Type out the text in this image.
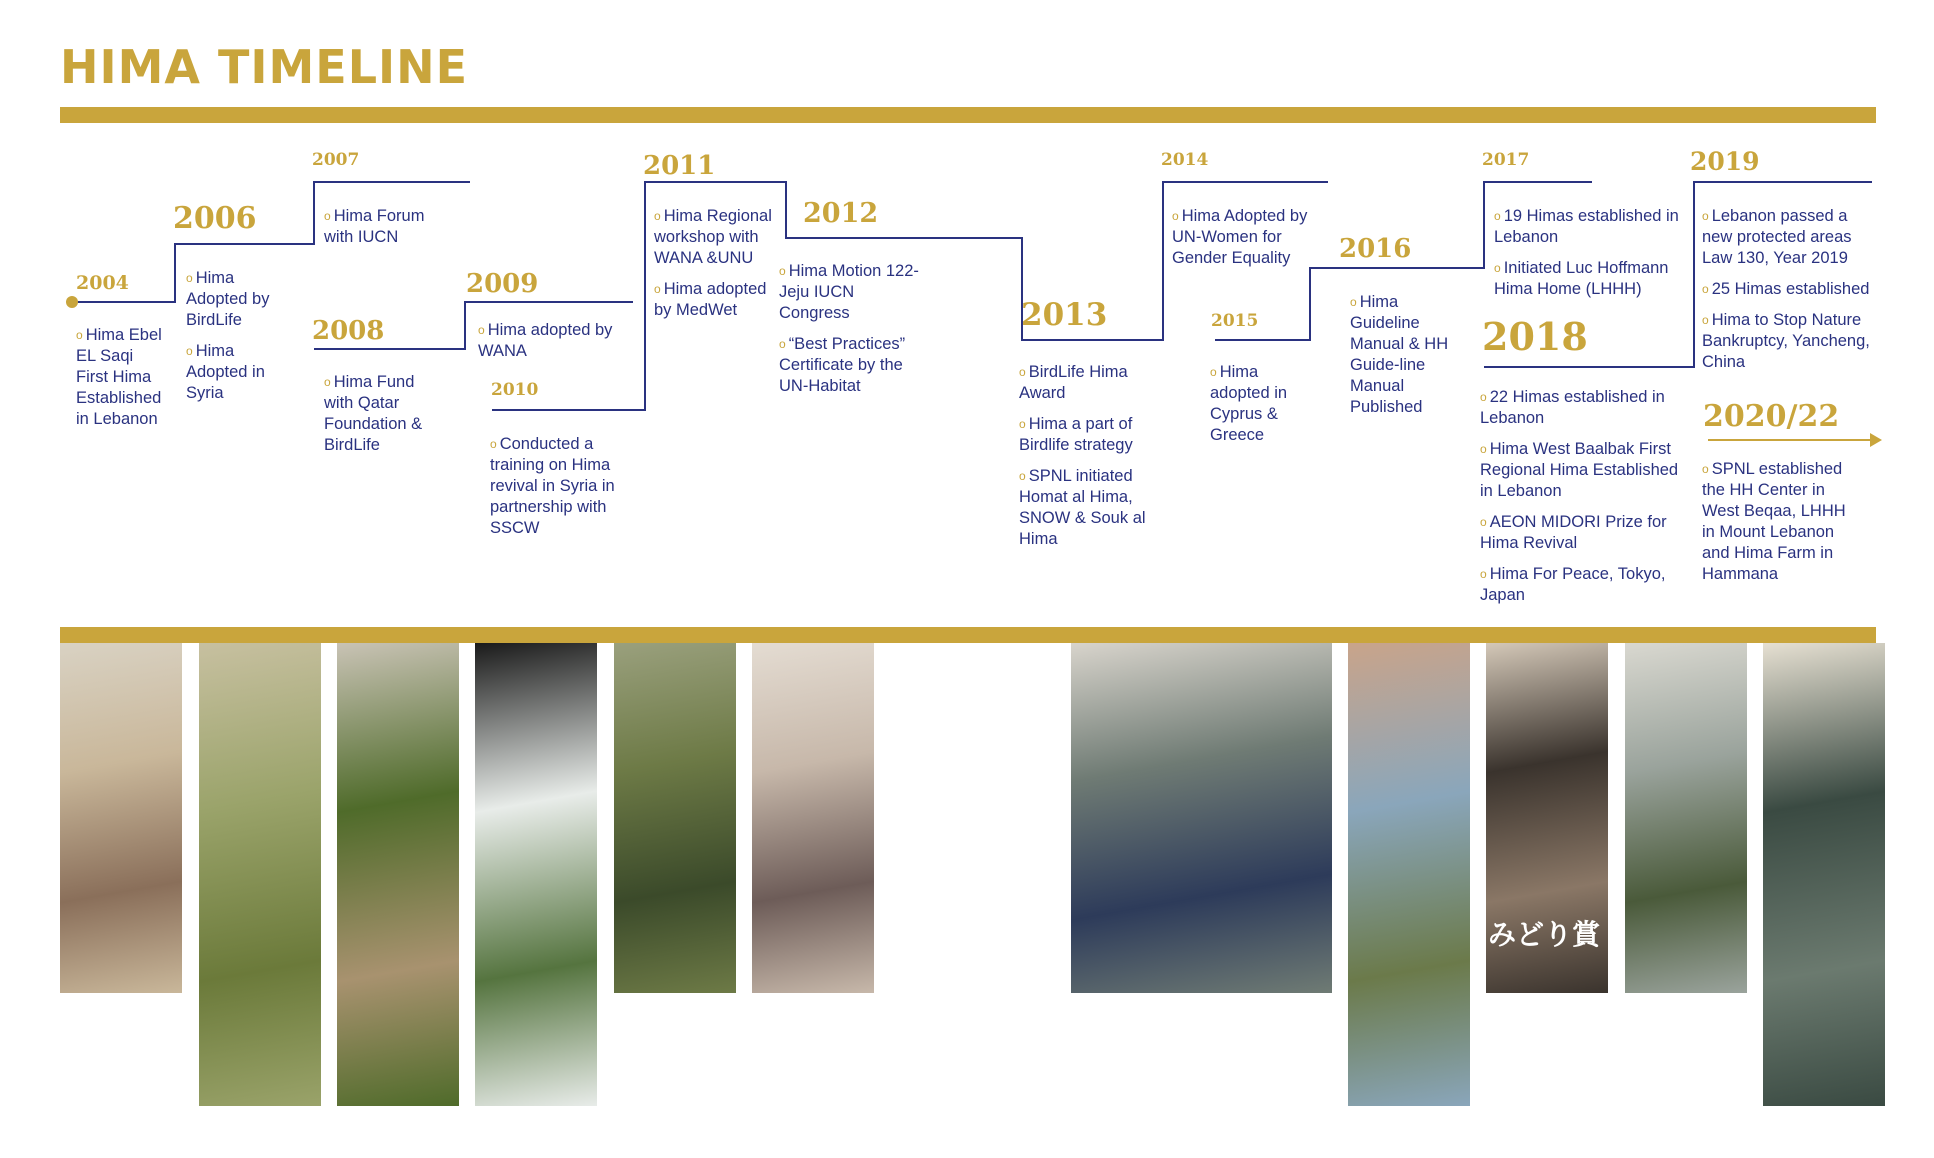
HIMA TIMELINE
2004
2006
2007
2008
2009
2010
2011
2012
2013
2014
2015
2016
2017
2018
2019
2020/22

o Hima Ebel EL Saqi First Hima Established in Lebanon

o Hima Adopted by BirdLife

o Hima Adopted in Syria

o Hima Forum with IUCN

o Hima Fund with Qatar Foundation & BirdLife

o Hima adopted by WANA

o Conducted a training on Hima revival in Syria in partnership with SSCW

o Hima Regional workshop with WANA &UNU

o Hima adopted by MedWet

o Hima Motion 122- Jeju IUCN Congress

o “Best Practices” Certificate by the UN-Habitat

o BirdLife Hima Award

o Hima a part of Birdlife strategy

o SPNL initiated Homat al Hima, SNOW & Souk al Hima

o Hima Adopted by UN-Women for Gender Equality

o Hima adopted in Cyprus & Greece

o Hima Guideline Manual & HH Guide-line Manual Published

o 19 Himas established in Lebanon

o Initiated Luc Hoffmann Hima Home (LHHH)

o 22 Himas established in Lebanon

o Hima West Baalbak First Regional Hima Established in Lebanon

o AEON MIDORI Prize for Hima Revival

o Hima For Peace, Tokyo, Japan

o Lebanon passed a new protected areas Law 130, Year 2019

o 25 Himas established

o Hima to Stop Nature Bankruptcy, Yancheng, China

o SPNL established the HH Center in West Beqaa, LHHH in Mount Lebanon and Hima Farm in Hammana

みどり賞
